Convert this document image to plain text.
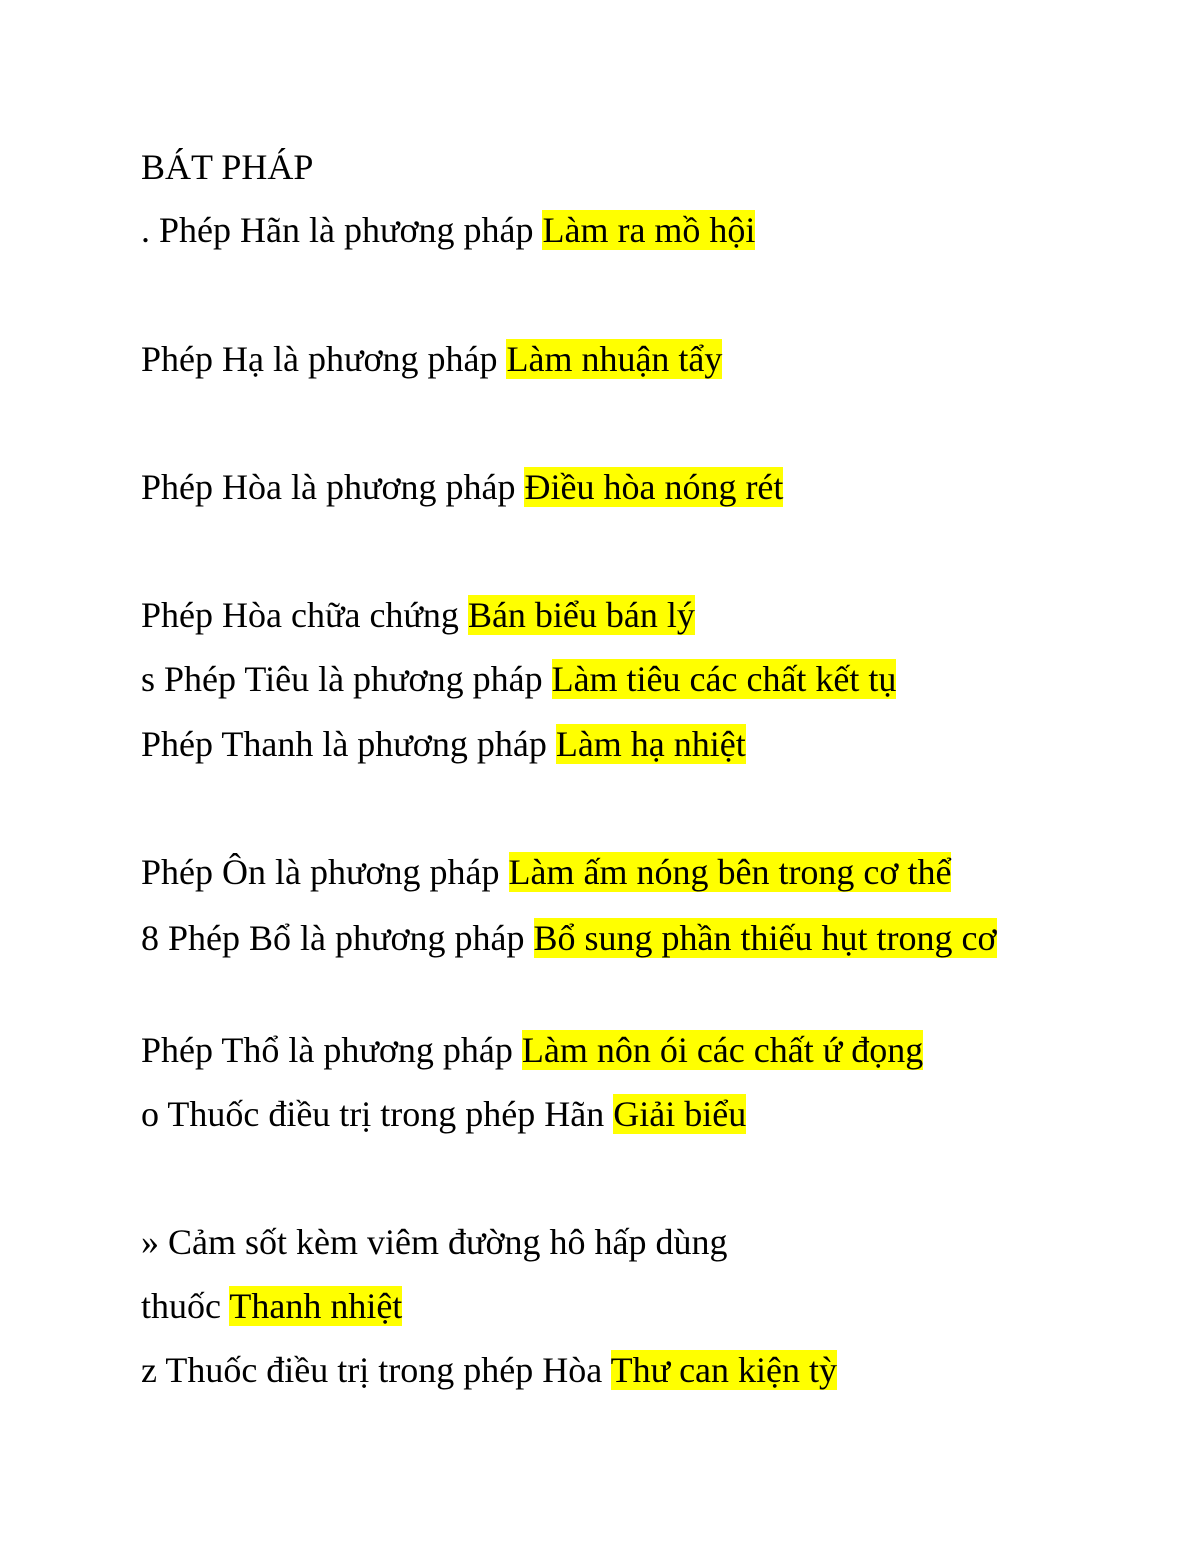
BÁT PHÁP
. Phép Hãn là phương pháp Làm ra mồ hội
Phép Hạ là phương pháp Làm nhuận tẩy
Phép Hòa là phương pháp Điều hòa nóng rét
Phép Hòa chữa chứng Bán biểu bán lý
s Phép Tiêu là phương pháp Làm tiêu các chất kết tụ
Phép Thanh là phương pháp Làm hạ nhiệt
Phép Ôn là phương pháp Làm ấm nóng bên trong cơ thể
8 Phép Bổ là phương pháp Bổ sung phần thiếu hụt trong cơ
Phép Thổ là phương pháp Làm nôn ói các chất ứ đọng
o Thuốc điều trị trong phép Hãn Giải biểu
» Cảm sốt kèm viêm đường hô hấp dùng
thuốc Thanh nhiệt
z Thuốc điều trị trong phép Hòa Thư can kiện tỳ
